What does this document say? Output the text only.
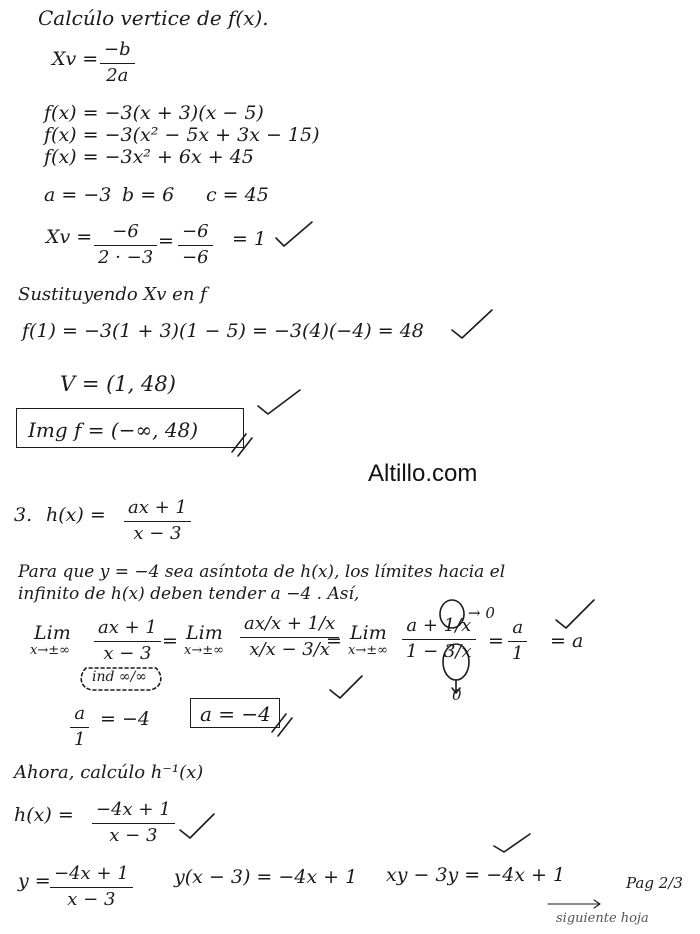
Calcúlo vertice de f(x).
$Xv = \frac{-b}{2a}$
f(x) = −3(x + 3)(x − 5)
f(x) = −3(x² − 5x + 3x − 15)
f(x) = −3x² + 6x + 45
a = −3 b = 6 c = 45
$Xv = \frac{-6}{2 \cdot -3} = \frac{-6}{-6} = 1$
Sustituyendo Xv en f
f(1) = −3(1 + 3)(1 − 5) = −3(4)(−4) = 48
V = (1, 48)
Img f = (−∞, 48)
Altillo.com
3. $h(x) = \frac{ax + 1}{x - 3}$
Para que y = −4 sea asíntota de h(x), los límites hacia el
infinito de h(x) deben tender a −4 . Así,
Lim
$x\to\pm\infty \frac{ax + 1}{x - 3}$ = Lim
$x\to\pm\infty \frac{ax/x + 1/x}{x/x - 3/x}$
= Lim
$x\to\pm\infty \frac{a + 1/x}{1 - 3/x}$
→ 0
0
= $\frac{a}{1} = a$
ind ∞/∞
$\frac{a}{1} = -4$	a = −4
Ahora, calcúlo h⁻¹(x)
$h(x) = \frac{-4x + 1}{x - 3}$
$y = \frac{-4x + 1}{x - 3} y(x - 3) = -4x + 1$ xy − 3y = −4x + 1	Pag 2/3
siguiente hoja
